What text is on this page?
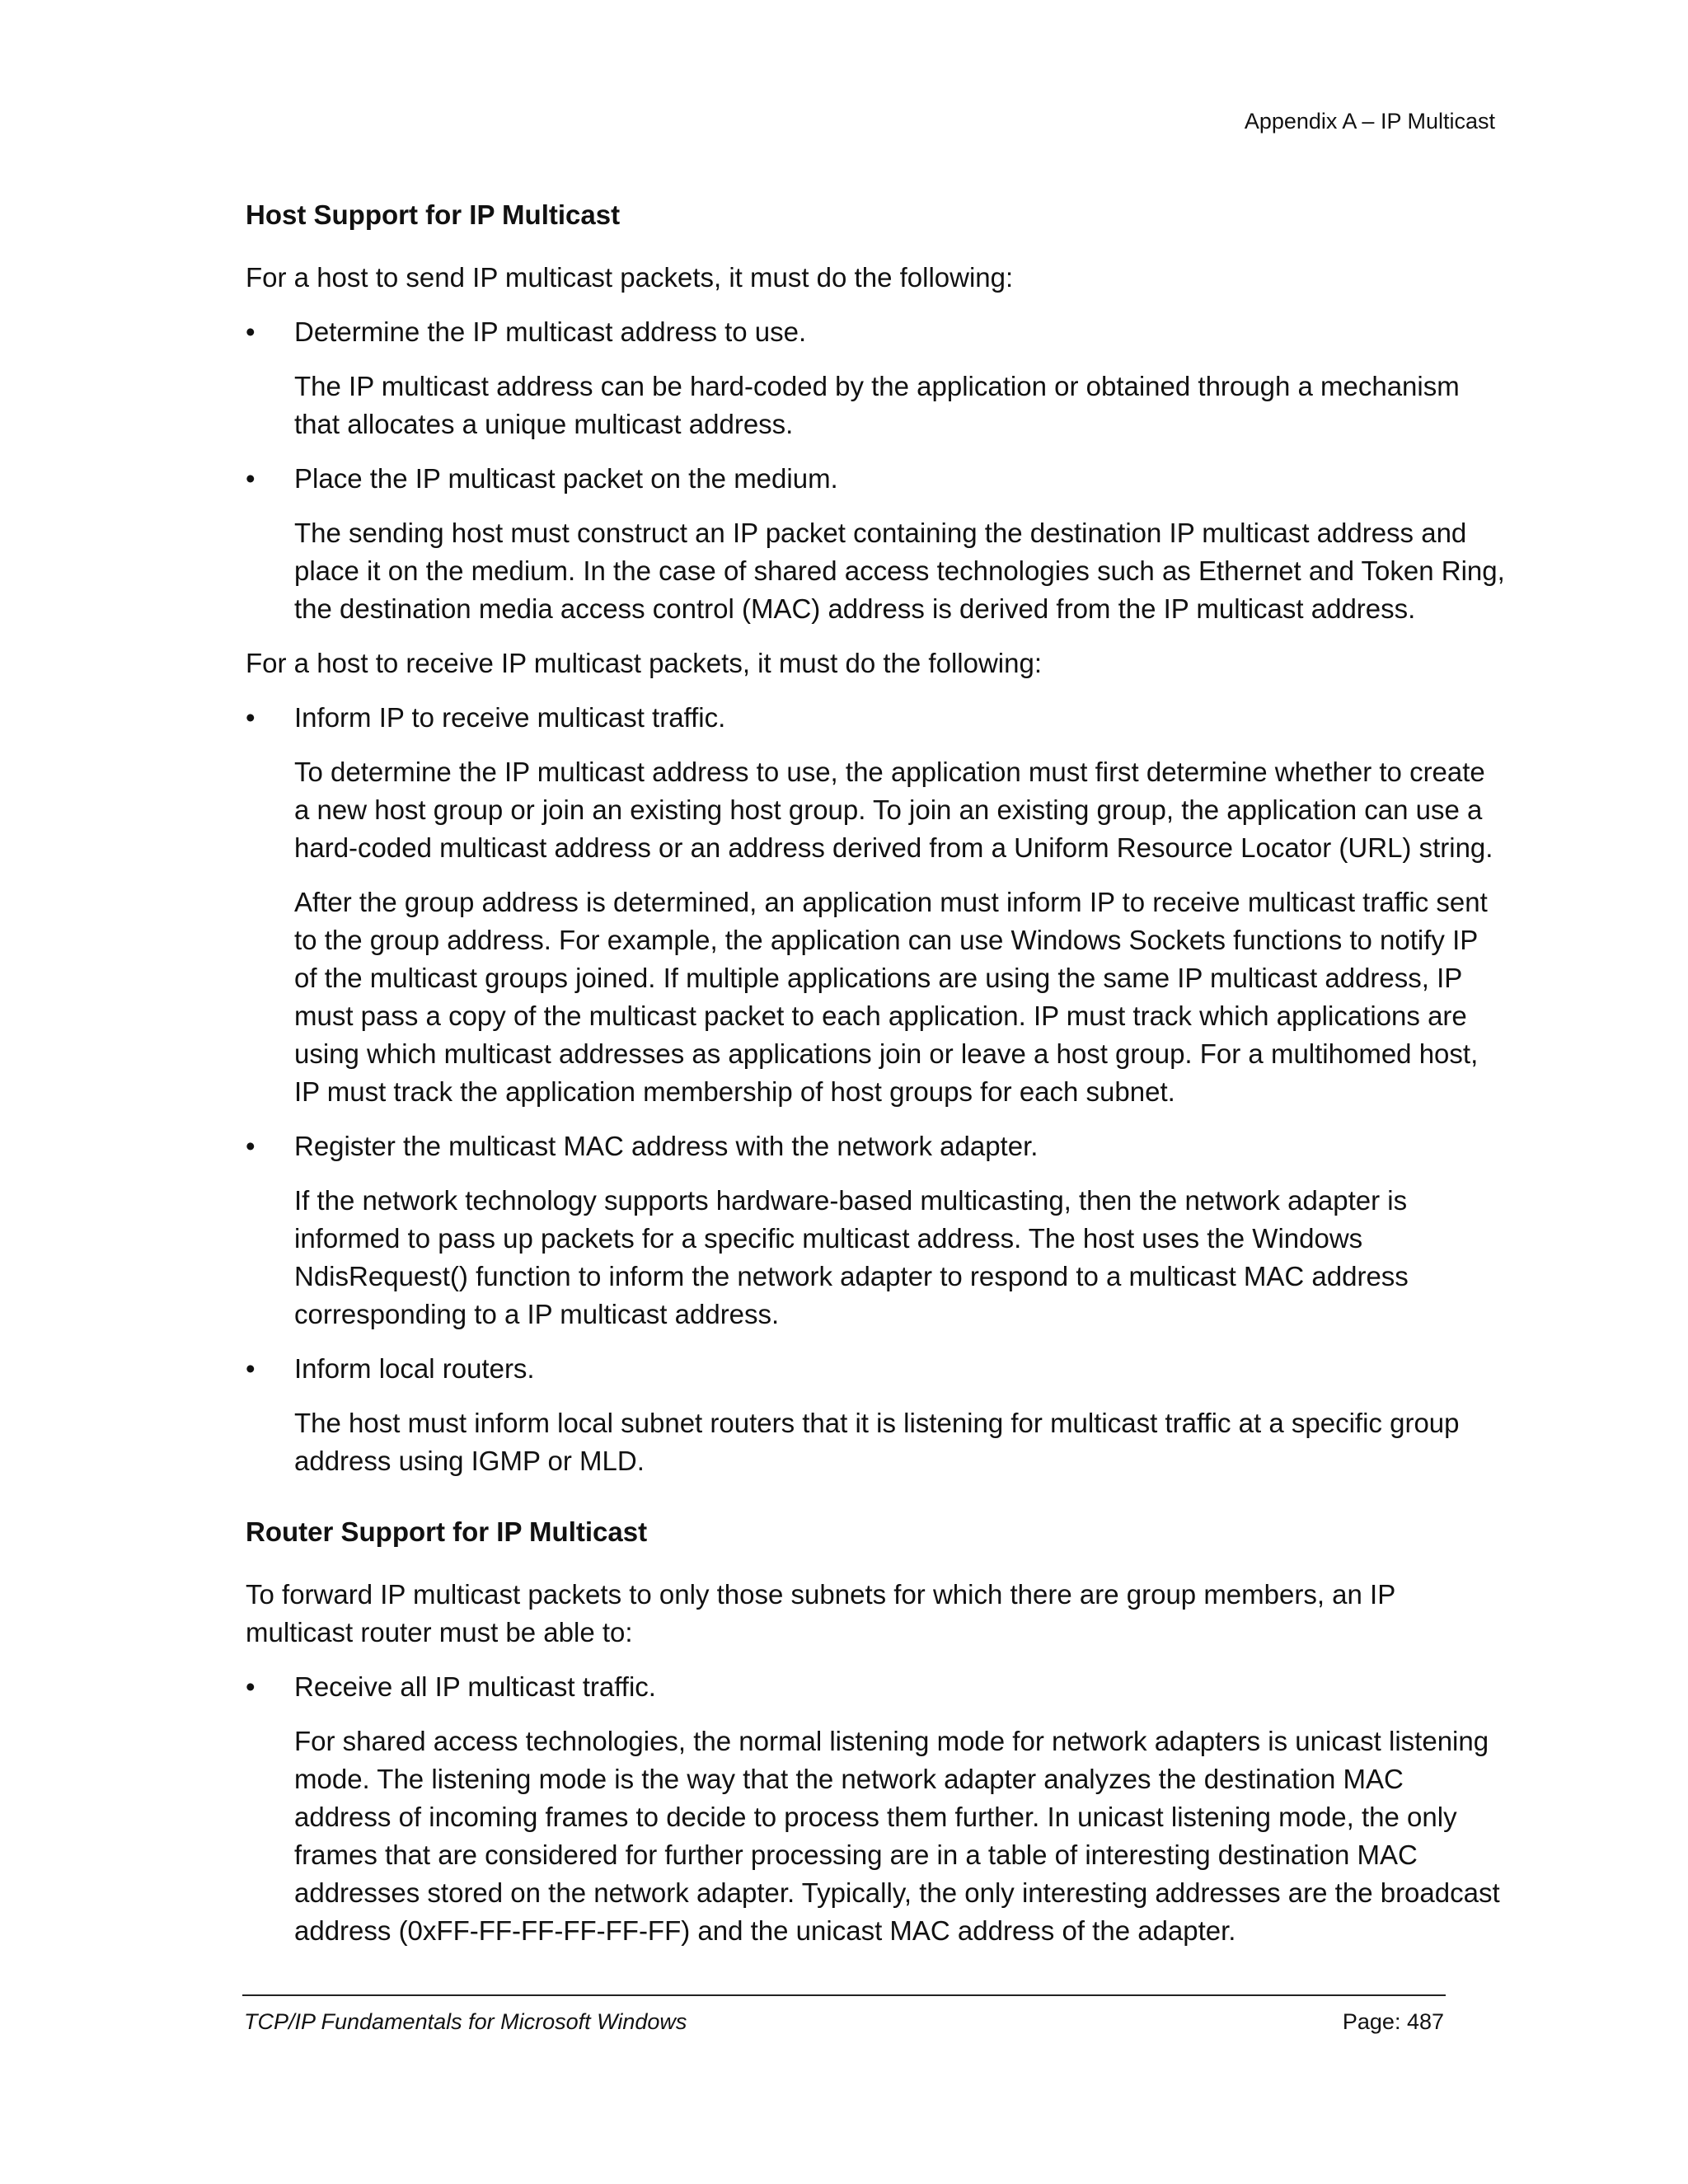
Appendix A – IP Multicast

Host Support for IP Multicast

For a host to send IP multicast packets, it must do the following:

•	Determine the IP multicast address to use.

The IP multicast address can be hard-coded by the application or obtained through a mechanism that allocates a unique multicast address.

•	Place the IP multicast packet on the medium.

The sending host must construct an IP packet containing the destination IP multicast address and place it on the medium. In the case of shared access technologies such as Ethernet and Token Ring, the destination media access control (MAC) address is derived from the IP multicast address.

For a host to receive IP multicast packets, it must do the following:

•	Inform IP to receive multicast traffic.

To determine the IP multicast address to use, the application must first determine whether to create a new host group or join an existing host group. To join an existing group, the application can use a hard-coded multicast address or an address derived from a Uniform Resource Locator (URL) string.

After the group address is determined, an application must inform IP to receive multicast traffic sent to the group address. For example, the application can use Windows Sockets functions to notify IP of the multicast groups joined. If multiple applications are using the same IP multicast address, IP must pass a copy of the multicast packet to each application. IP must track which applications are using which multicast addresses as applications join or leave a host group. For a multihomed host, IP must track the application membership of host groups for each subnet.

•	Register the multicast MAC address with the network adapter.

If the network technology supports hardware-based multicasting, then the network adapter is informed to pass up packets for a specific multicast address. The host uses the Windows NdisRequest() function to inform the network adapter to respond to a multicast MAC address corresponding to a IP multicast address.

•	Inform local routers.

The host must inform local subnet routers that it is listening for multicast traffic at a specific group address using IGMP or MLD.

Router Support for IP Multicast

To forward IP multicast packets to only those subnets for which there are group members, an IP multicast router must be able to:

•	Receive all IP multicast traffic.

For shared access technologies, the normal listening mode for network adapters is unicast listening mode. The listening mode is the way that the network adapter analyzes the destination MAC address of incoming frames to decide to process them further. In unicast listening mode, the only frames that are considered for further processing are in a table of interesting destination MAC addresses stored on the network adapter. Typically, the only interesting addresses are the broadcast address (0xFF-FF-FF-FF-FF-FF) and the unicast MAC address of the adapter.

TCP/IP Fundamentals for Microsoft Windows	Page: 487
